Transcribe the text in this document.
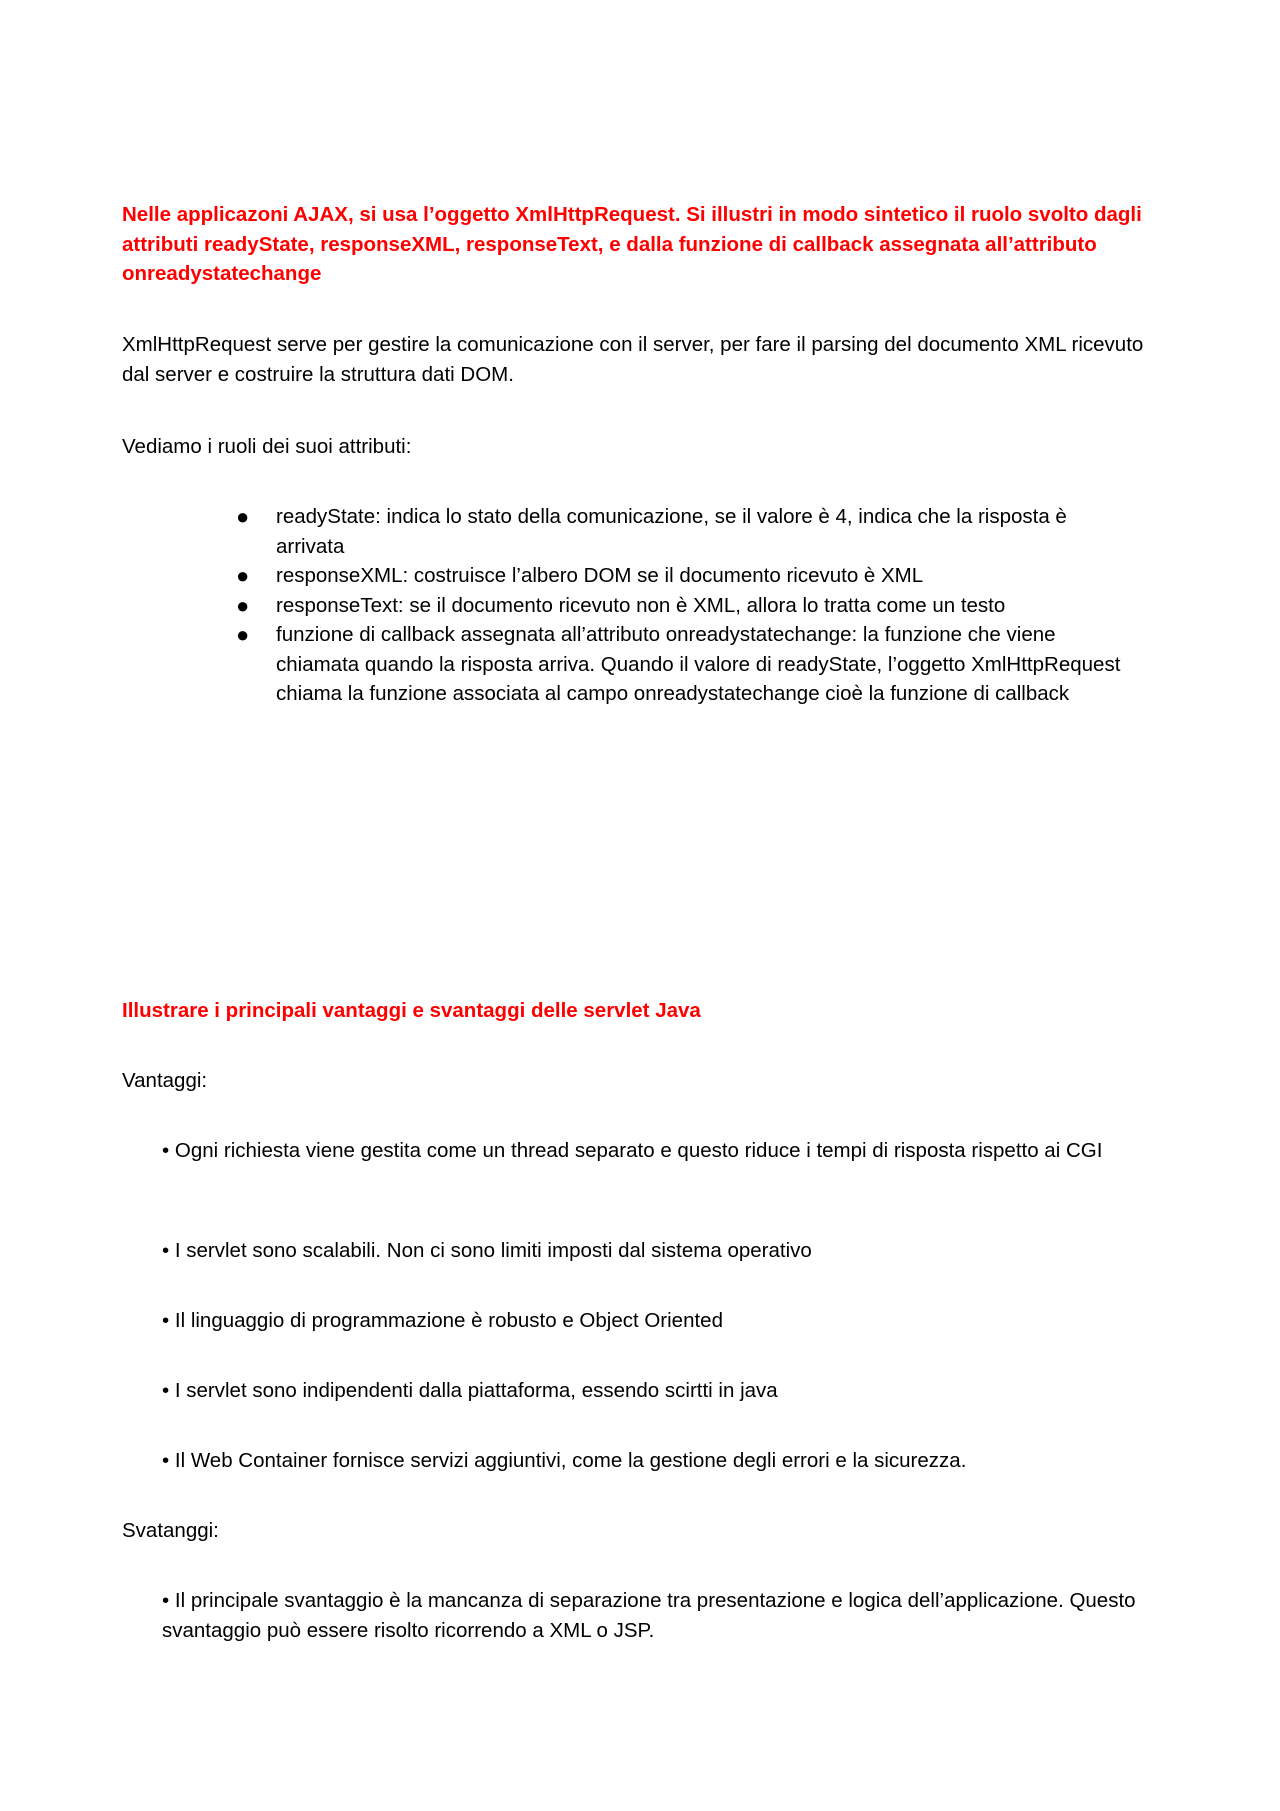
Nelle applicazoni AJAX, si usa l’oggetto XmlHttpRequest. Si illustri in modo sintetico il ruolo svolto dagli attributi readyState, responseXML, responseText, e dalla funzione di callback assegnata all’attributo onreadystatechange

XmlHttpRequest serve per gestire la comunicazione con il server, per fare il parsing del documento XML ricevuto dal server e costruire la struttura dati DOM.

Vediamo i ruoli dei suoi attributi:

● readyState: indica lo stato della comunicazione, se il valore è 4, indica che la risposta è arrivata
● responseXML: costruisce l’albero DOM se il documento ricevuto è XML
● responseText: se il documento ricevuto non è XML, allora lo tratta come un testo
● funzione di callback assegnata all’attributo onreadystatechange: la funzione che viene chiamata quando la risposta arriva. Quando il valore di readyState, l’oggetto XmlHttpRequest chiama la funzione associata al campo onreadystatechange cioè la funzione di callback

Illustrare i principali vantaggi e svantaggi delle servlet Java

Vantaggi:

• Ogni richiesta viene gestita come un thread separato e questo riduce i tempi di risposta rispetto ai CGI

• I servlet sono scalabili. Non ci sono limiti imposti dal sistema operativo

• Il linguaggio di programmazione è robusto e Object Oriented

• I servlet sono indipendenti dalla piattaforma, essendo scirtti in java

• Il Web Container fornisce servizi aggiuntivi, come la gestione degli errori e la sicurezza.

Svatanggi:

• Il principale svantaggio è la mancanza di separazione tra presentazione e logica dell’applicazione. Questo svantaggio può essere risolto ricorrendo a XML o JSP.
